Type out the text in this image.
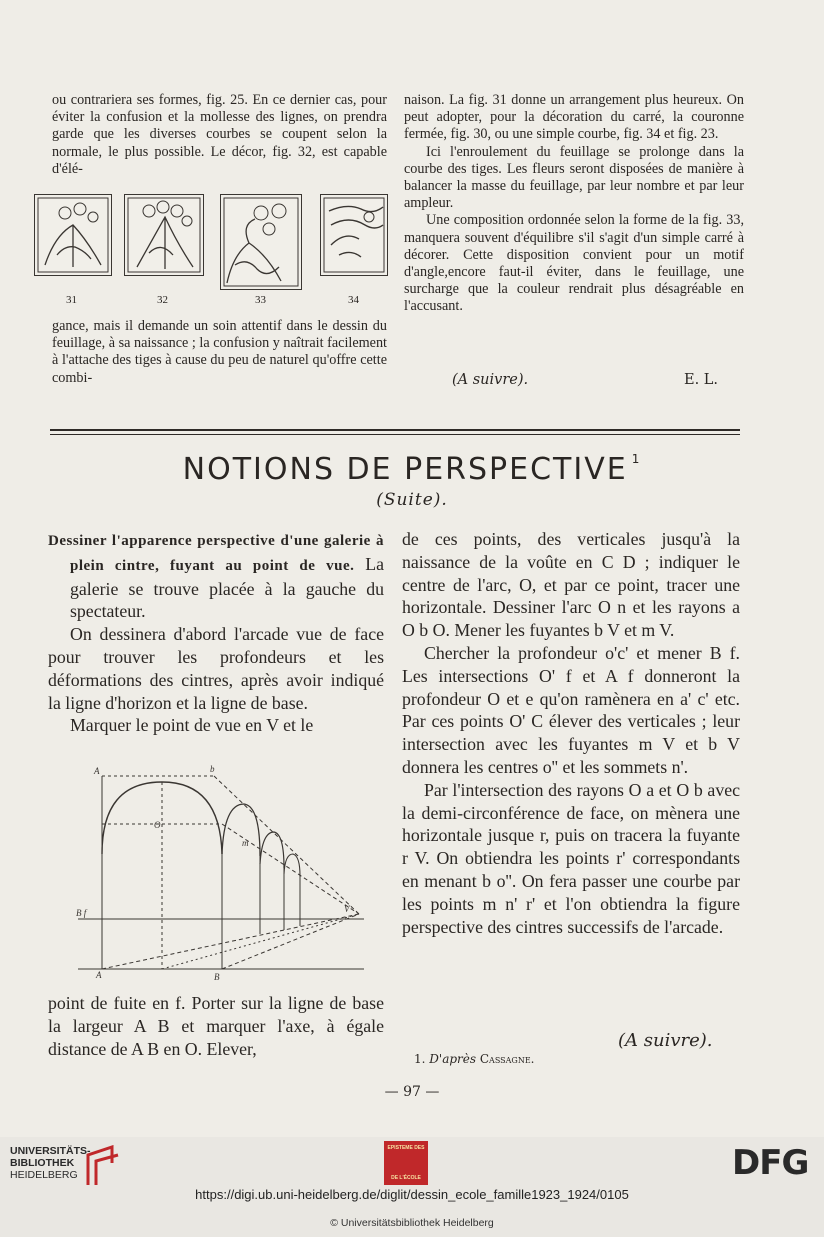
ou contrariera ses formes, fig. 25. En ce dernier cas, pour éviter la confusion et la mollesse des lignes, on prendra garde que les diverses courbes se coupent selon la normale, le plus possible. Le décor, fig. 32, est capable d'élé-

31	32	33	34

gance, mais il demande un soin attentif dans le dessin du feuillage, à sa naissance ; la confusion y naîtrait facilement à l'attache des tiges à cause du peu de naturel qu'offre cette combi-

naison. La fig. 31 donne un arrangement plus heureux. On peut adopter, pour la décoration du carré, la couronne fermée, fig. 30, ou une simple courbe, fig. 34 et fig. 23.

Ici l'enroulement du feuillage se prolonge dans la courbe des tiges. Les fleurs seront disposées de manière à balancer la masse du feuillage, par leur nombre et par leur ampleur.

Une composition ordonnée selon la forme de la fig. 33, manquera souvent d'équilibre s'il s'agit d'un simple carré à décorer. Cette disposition convient pour un motif d'angle,encore faut-il éviter, dans le feuillage, une surcharge que la couleur rendrait plus désagréable en l'accusant.

(A suivre).	E. L.
NOTIONS DE PERSPECTIVE $^1$
(Suite).

Dessiner l'apparence perspective d'une galerie à plein cintre, fuyant au point de vue. La galerie se trouve placée à la gauche du spectateur.

On dessinera d'abord l'arcade vue de face pour trouver les profondeurs et les déformations des cintres, après avoir indiqué la ligne d'horizon et la ligne de base.

Marquer le point de vue en V et le

A	b
O
B f	V
A	B
m

point de fuite en f. Porter sur la ligne de base la largeur A B et marquer l'axe, à égale distance de A B en O. Elever,

de ces points, des verticales jusqu'à la naissance de la voûte en C D ; indiquer le centre de l'arc, O, et par ce point, tracer une horizontale. Dessiner l'arc O n et les rayons a O b O. Mener les fuyantes b V et m V.

Chercher la profondeur o'c' et mener B f. Les intersections O' f et A f donneront la profondeur O et e qu'on ramènera en a' c' etc. Par ces points O' C élever des verticales ; leur intersection avec les fuyantes m V et b V donnera les centres o'' et les sommets n'.

Par l'intersection des rayons O a et O b avec la demi-circonférence de face, on mènera une horizontale jusque r, puis on tracera la fuyante r V. On obtiendra les points r' correspondants en menant b o''. On fera passer une courbe par les points m n' r' et l'on obtiendra la figure perspective des cintres successifs de l'arcade.

(A suivre).
1. D'après Cassagne.
— 97 —
UNIVERSITÄTS-
BIBLIOTHEK
HEIDELBERG
EPISTEME DES
DE L'ÉCOLE	DFG
https://digi.ub.uni-heidelberg.de/diglit/dessin_ecole_famille1923_1924/0105
© Universitätsbibliothek Heidelberg
